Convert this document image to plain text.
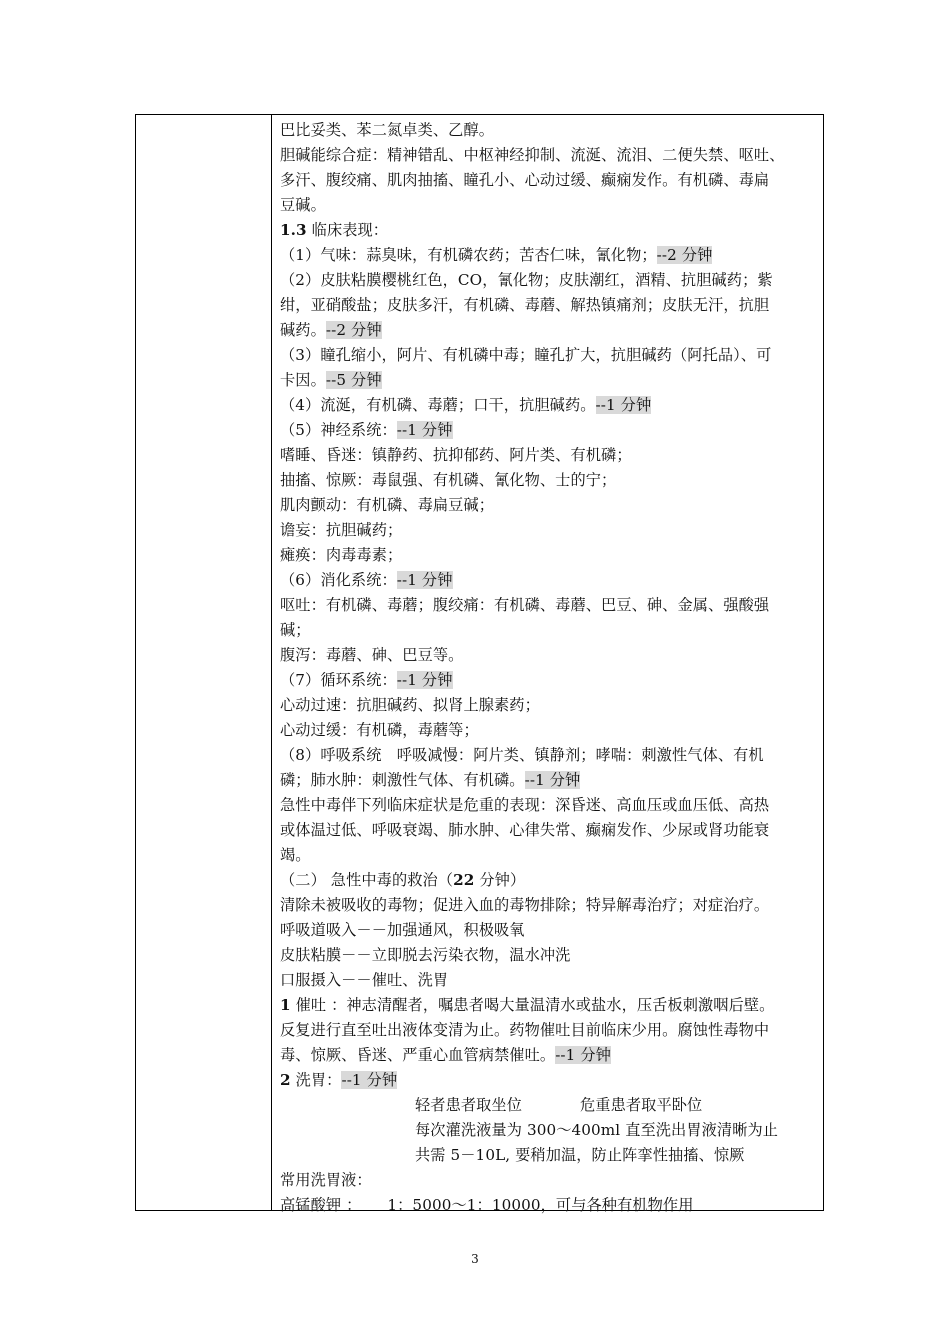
巴比妥类、苯二氮卓类、乙醇。
胆碱能综合症：精神错乱、中枢神经抑制、流涎、流泪、二便失禁、呕吐、
多汗、腹绞痛、肌肉抽搐、瞳孔小、心动过缓、癫痫发作。有机磷、毒扁
豆碱。
1.3 临床表现：
（1）气味：蒜臭味，有机磷农药；苦杏仁味，氰化物；--2 分钟
（2）皮肤粘膜樱桃红色，CO，氰化物；皮肤潮红，酒精、抗胆碱药；紫
绀，亚硝酸盐；皮肤多汗，有机磷、毒蘑、解热镇痛剂；皮肤无汗，抗胆
碱药。--2 分钟
（3）瞳孔缩小，阿片、有机磷中毒；瞳孔扩大，抗胆碱药（阿托品）、可
卡因。--5 分钟
（4）流涎，有机磷、毒蘑；口干，抗胆碱药。--1 分钟
（5）神经系统：--1 分钟
嗜睡、昏迷：镇静药、抗抑郁药、阿片类、有机磷；
抽搐、惊厥：毒鼠强、有机磷、氰化物、士的宁；
肌肉颤动：有机磷、毒扁豆碱；
谵妄：抗胆碱药；
瘫痪：肉毒毒素；
（6）消化系统：--1 分钟
呕吐：有机磷、毒蘑；腹绞痛：有机磷、毒蘑、巴豆、砷、金属、强酸强
碱；
腹泻：毒蘑、砷、巴豆等。
（7）循环系统：--1 分钟
心动过速：抗胆碱药、拟肾上腺素药；
心动过缓：有机磷，毒蘑等；
（8）呼吸系统　呼吸减慢：阿片类、镇静剂；哮喘：刺激性气体、有机
磷；肺水肿：刺激性气体、有机磷。--1 分钟
急性中毒伴下列临床症状是危重的表现：深昏迷、高血压或血压低、高热
或体温过低、呼吸衰竭、肺水肿、心律失常、癫痫发作、少尿或肾功能衰
竭。
（二） 急性中毒的救治（22 分钟）
清除未被吸收的毒物；促进入血的毒物排除；特异解毒治疗；对症治疗。
呼吸道吸入－－加强通风，积极吸氧
皮肤粘膜－－立即脱去污染衣物，温水冲洗
口服摄入－－催吐、洗胃
1 催吐 ：神志清醒者，嘱患者喝大量温清水或盐水，压舌板刺激咽后壁。
反复进行直至吐出液体变清为止。药物催吐目前临床少用。腐蚀性毒物中
毒、惊厥、昏迷、严重心血管病禁催吐。--1 分钟
2 洗胃：--1 分钟
轻者患者取坐位	危重患者取平卧位
每次灌洗液量为 300～400ml 直至洗出胃液清晰为止
共需 5－10L, 要稍加温，防止阵挛性抽搐、惊厥
常用洗胃液：
高锰酸钾 ： 1：5000～1：10000，可与各种有机物作用
3
